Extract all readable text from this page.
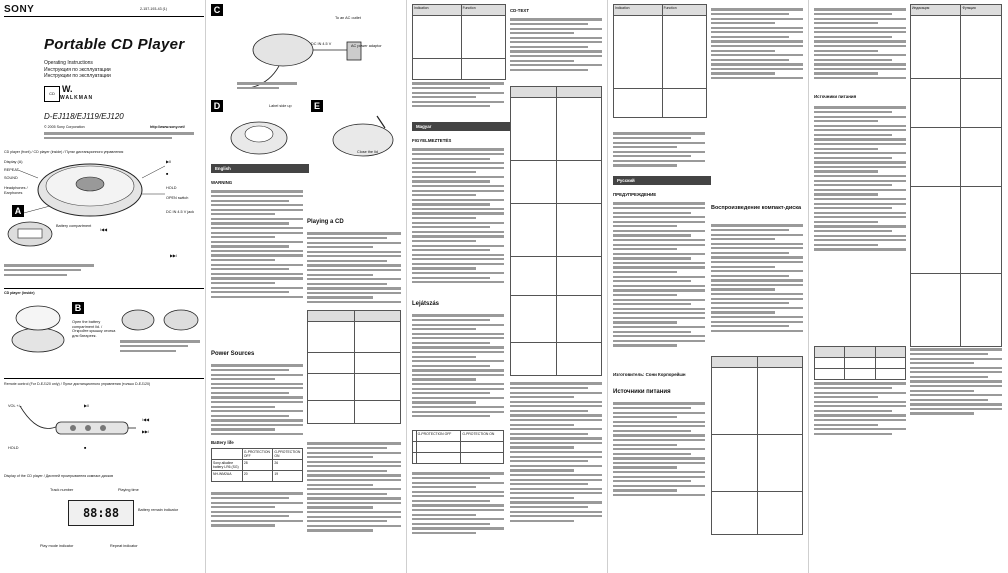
SONY	2-157-193-43 (1)
Portable CD Player
Operating Instructions
Инструкция по эксплуатации
Инструкции по эксплуатации
CD W.
WALKMAN
D-EJ118/EJ119/EJ120
© 2005 Sony Corporation	http://www.sony.net/
CD player (front) / CD player (inside) / Пульт дистанционного управления
Display (A)
REPEAT
SOUND
Headphones / Earphones
▶II
■
HOLD
OPEN switch
DC IN 4.5 V jack
A
Battery compartment
I◀◀
▶▶I
CD player (inside)
B
Open the battery compartment lid. / Откройте крышку отсека для батареек.
Remote control (For D-EJ120 only) / Пульт дистанционного управления (только D-EJ120)
VOL +/–
HOLD
▶II
■
I◀◀
▶▶I
Display of the CD player / Дисплей проигрывателя компакт-дисков
Track number	Playing time
88:88	Battery remain indicator
Play mode indicator	Repeat indicator
C
To an AC outlet
AC power adaptor
DC IN 4.5 V
D	Label side up	E
Close the lid
English
WARNING
Playing a CD

Power Sources
Battery life
	G-PROTECTION OFF	G-PROTECTION ON
Sony alkaline battery LR6 (SG)	28	26
NH-WM2AA	20	19
Indication	Function

Magyar
FIGYELMEZTETÉS
Lejátszás
	G-PROTECTION OFF	G-PROTECTION ON

CD-TEXT

		Indication	Function

Русский
ПРЕДУПРЕЖДЕНИЕ
Изготовитель: Сони Корпорейшн
Источники питания
Воспроизведение компакт-диска

Источники питания

Индикация	Функция
